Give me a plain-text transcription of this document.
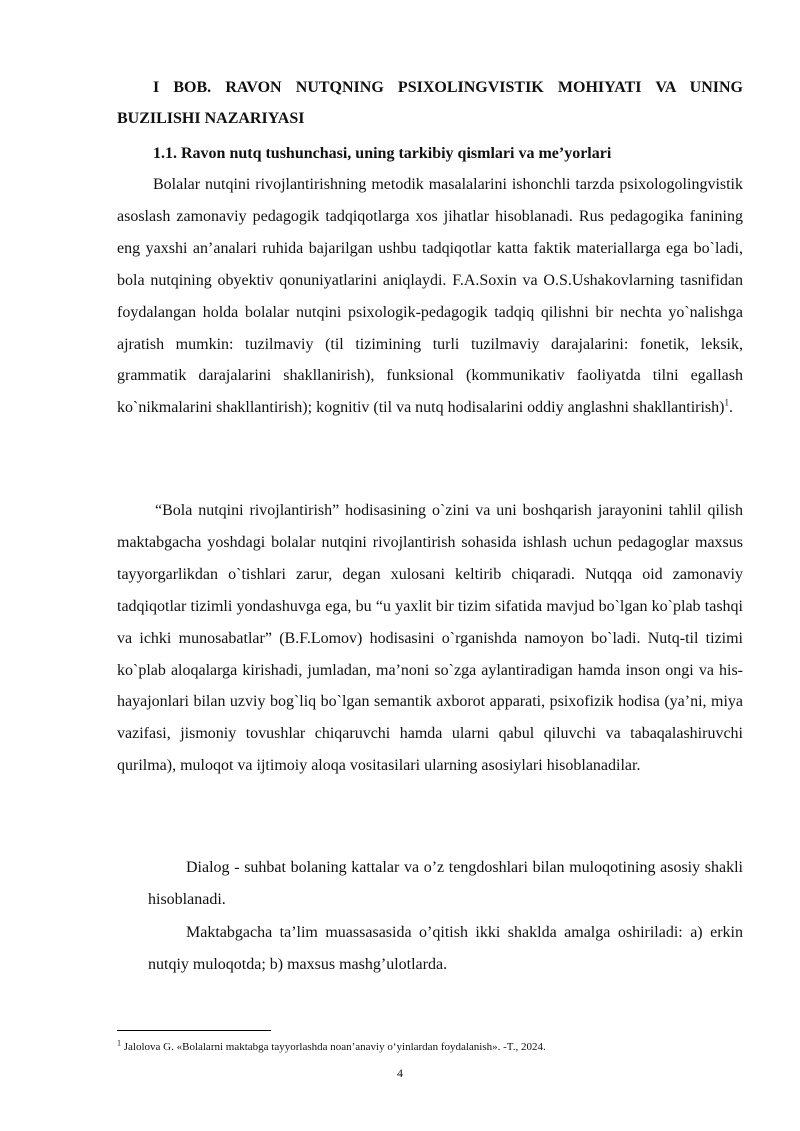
I BOB. RAVON NUTQNING PSIXOLINGVISTIK MOHIYATI VA UNING BUZILISHI NAZARIYASI
1.1. Ravon nutq tushunchasi, uning tarkibiy qismlari va me’yorlari
Bolalar nutqini rivojlantirishning metodik masalalarini ishonchli tarzda psixologolingvistik asoslash zamonaviy pedagogik tadqiqotlarga xos jihatlar hisoblanadi. Rus pedagogika fanining eng yaxshi an’analari ruhida bajarilgan ushbu tadqiqotlar katta faktik materiallarga ega bo`ladi, bola nutqining obyektiv qonuniyatlarini aniqlaydi. F.A.Soxin va O.S.Ushakovlarning tasnifidan foydalangan holda bolalar nutqini psixologik-pedagogik tadqiq qilishni bir nechta yo`nalishga ajratish mumkin: tuzilmaviy (til tizimining turli tuzilmaviy darajalarini: fonetik, leksik, grammatik darajalarini shakllanirish), funksional (kommunikativ faoliyatda tilni egallash ko`nikmalarini shakllantirish); kognitiv (til va nutq hodisalarini oddiy anglashni shakllantirish)$^1$.
“Bola nutqini rivojlantirish” hodisasining o`zini va uni boshqarish jarayonini tahlil qilish maktabgacha yoshdagi bolalar nutqini rivojlantirish sohasida ishlash uchun pedagoglar maxsus tayyorgarlikdan o`tishlari zarur, degan xulosani keltirib chiqaradi. Nutqqa oid zamonaviy tadqiqotlar tizimli yondashuvga ega, bu “u yaxlit bir tizim sifatida mavjud bo`lgan ko`plab tashqi va ichki munosabatlar” (B.F.Lomov) hodisasini o`rganishda namoyon bo`ladi. Nutq-til tizimi ko`plab aloqalarga kirishadi, jumladan, ma’noni so`zga aylantiradigan hamda inson ongi va his-hayajonlari bilan uzviy bog`liq bo`lgan semantik axborot apparati, psixofizik hodisa (ya’ni, miya vazifasi, jismoniy tovushlar chiqaruvchi hamda ularni qabul qiluvchi va tabaqalashiruvchi qurilma), muloqot va ijtimoiy aloqa vositasilari ularning asosiylari hisoblanadilar.
Dialog - suhbat bolaning kattalar va o’z tengdoshlari bilan muloqotining asosiy shakli hisoblanadi.
Maktabgacha ta’lim muassasasida o’qitish ikki shaklda amalga oshiriladi: a) erkin nutqiy muloqotda; b) maxsus mashg’ulotlarda.
$^1$ Jalolova G. «Bolalarni maktabga tayyorlashda noan’anaviy o‘yinlardan foydalanish». -T., 2024.
4
